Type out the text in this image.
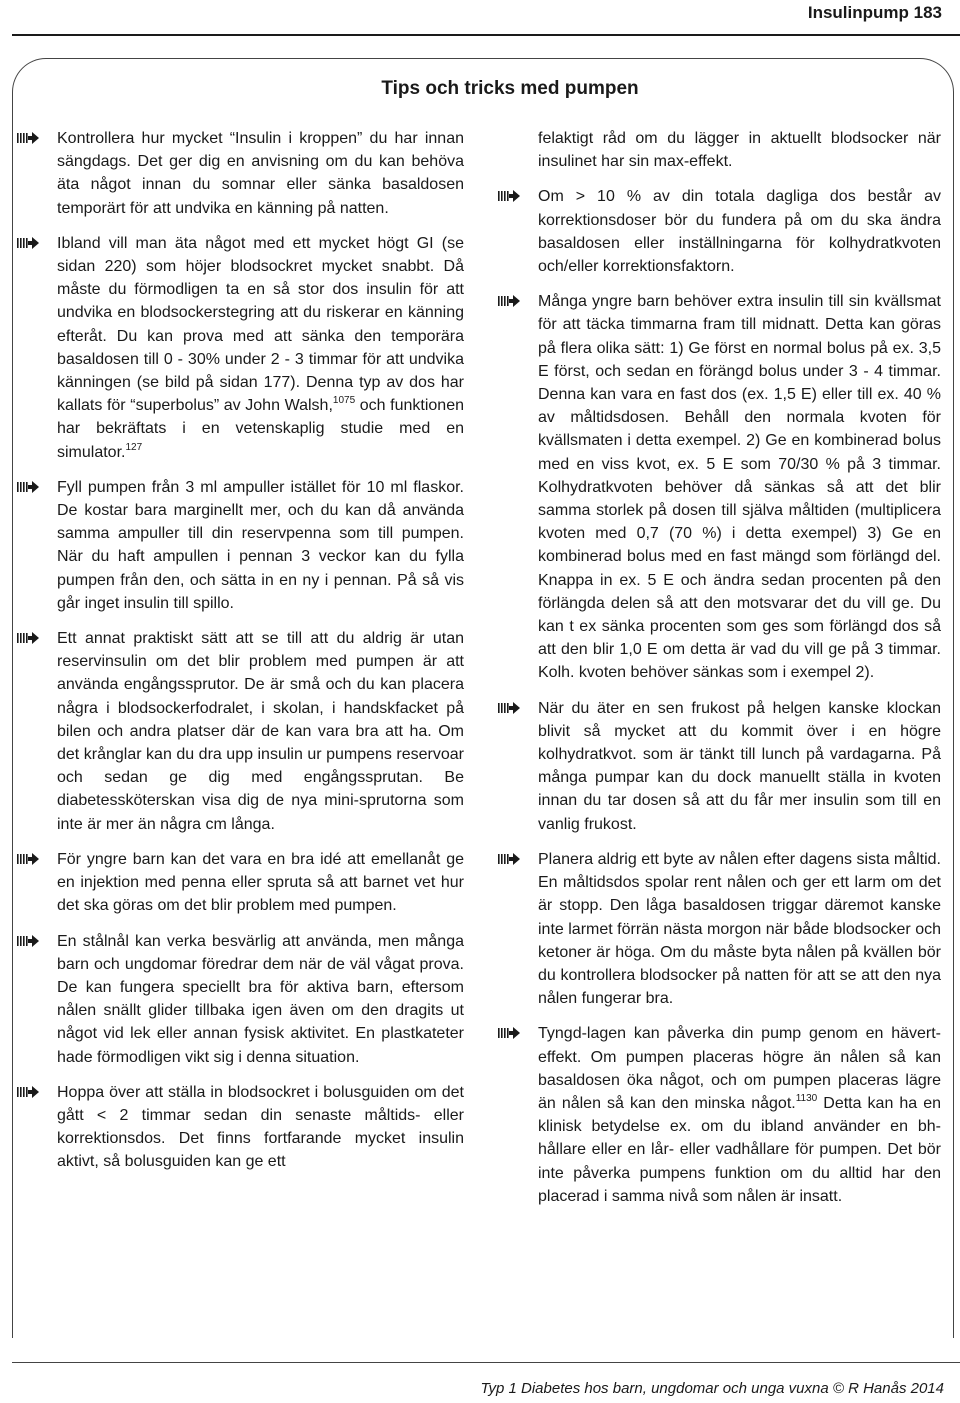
Insulinpump 183
Tips och tricks med pumpen

Kontrollera hur mycket “Insulin i kroppen” du har innan sängdags. Det ger dig en anvisning om du kan behöva äta något innan du somnar eller sänka basaldosen temporärt för att undvika en känning på natten.

Ibland vill man äta något med ett mycket högt GI (se sidan 220) som höjer blodsockret mycket snabbt. Då måste du förmodligen ta en så stor dos insulin för att undvika en blodsockerstegring att du riskerar en känning efteråt. Du kan prova med att sänka den temporära basaldosen till 0 - 30% under 2 - 3 timmar för att undvika känningen (se bild på sidan 177). Denna typ av dos har kallats för “superbolus” av John Walsh,$^{1075}$ och funktionen har bekräftats i en vetenskaplig studie med en simulator.$^{127}$

Fyll pumpen från 3 ml ampuller istället för 10 ml flaskor. De kostar bara marginellt mer, och du kan då använda samma ampuller till din reservpenna som till pumpen. När du haft ampullen i pennan 3 veckor kan du fylla pumpen från den, och sätta in en ny i pennan. På så vis går inget insulin till spillo.

Ett annat praktiskt sätt att se till att du aldrig är utan reservinsulin om det blir problem med pumpen är att använda engångssprutor. De är små och du kan placera några i blodsockerfodralet, i skolan, i handskfacket på bilen och andra platser där de kan vara bra att ha. Om det krånglar kan du dra upp insulin ur pumpens reservoar och sedan ge dig med engångssprutan. Be diabetessköterskan visa dig de nya mini-sprutorna som inte är mer än några cm långa.

För yngre barn kan det vara en bra idé att emellanåt ge en injektion med penna eller spruta så att barnet vet hur det ska göras om det blir problem med pumpen.

En stålnål kan verka besvärlig att använda, men många barn och ungdomar föredrar dem när de väl vågat prova. De kan fungera speciellt bra för aktiva barn, eftersom nålen snällt glider tillbaka igen även om den dragits ut något vid lek eller annan fysisk aktivitet. En plastkateter hade förmodligen vikt sig i denna situation.

Hoppa över att ställa in blodsockret i bolusguiden om det gått < 2 timmar sedan din senaste måltids- eller korrektionsdos. Det finns fortfarande mycket insulin aktivt, så bolusguiden kan ge ett

felaktigt råd om du lägger in aktuellt blodsocker när insulinet har sin max-effekt.

Om > 10 % av din totala dagliga dos består av korrektionsdoser bör du fundera på om du ska ändra basaldosen eller inställningarna för kolhydratkvoten och/eller korrektionsfaktorn.

Många yngre barn behöver extra insulin till sin kvällsmat för att täcka timmarna fram till midnatt. Detta kan göras på flera olika sätt: 1) Ge först en normal bolus på ex. 3,5 E först, och sedan en förängd bolus under 3 - 4 timmar. Denna kan vara en fast dos (ex. 1,5 E) eller till ex. 40 % av måltidsdosen. Behåll den normala kvoten för kvällsmaten i detta exempel. 2) Ge en kombinerad bolus med en viss kvot, ex. 5 E som 70/30 % på 3 timmar. Kolhydratkvoten behöver då sänkas så att det blir samma storlek på dosen till själva måltiden (multiplicera kvoten med 0,7 (70 %) i detta exempel) 3) Ge en kombinerad bolus med en fast mängd som förlängd del. Knappa in ex. 5 E och ändra sedan procenten på den förlängda delen så att den motsvarar det du vill ge. Du kan t ex sänka procenten som ges som förlängd dos så att den blir 1,0 E om detta är vad du vill ge på 3 timmar. Kolh. kvoten behöver sänkas som i exempel 2).

När du äter en sen frukost på helgen kanske klockan blivit så mycket att du kommit över i en högre kolhydratkvot. som är tänkt till lunch på vardagarna. På många pumpar kan du dock manuellt ställa in kvoten innan du tar dosen så att du får mer insulin som till en vanlig frukost.

Planera aldrig ett byte av nålen efter dagens sista måltid. En måltidsdos spolar rent nålen och ger ett larm om det är stopp. Den låga basaldosen triggar däremot kanske inte larmet förrän nästa morgon när både blodsocker och ketoner är höga. Om du måste byta nålen på kvällen bör du kontrollera blodsocker på natten för att se att den nya nålen fungerar bra.

Tyngd-lagen kan påverka din pump genom en hävert-effekt. Om pumpen placeras högre än nålen så kan basaldosen öka något, och om pumpen placeras lägre än nålen så kan den minska något.$^{1130}$ Detta kan ha en klinisk betydelse ex. om du ibland använder en bh-hållare eller en lår- eller vadhållare för pumpen. Det bör inte påverka pumpens funktion om du alltid har den placerad i samma nivå som nålen är insatt.

Typ 1 Diabetes hos barn, ungdomar och unga vuxna © R Hanås 2014
